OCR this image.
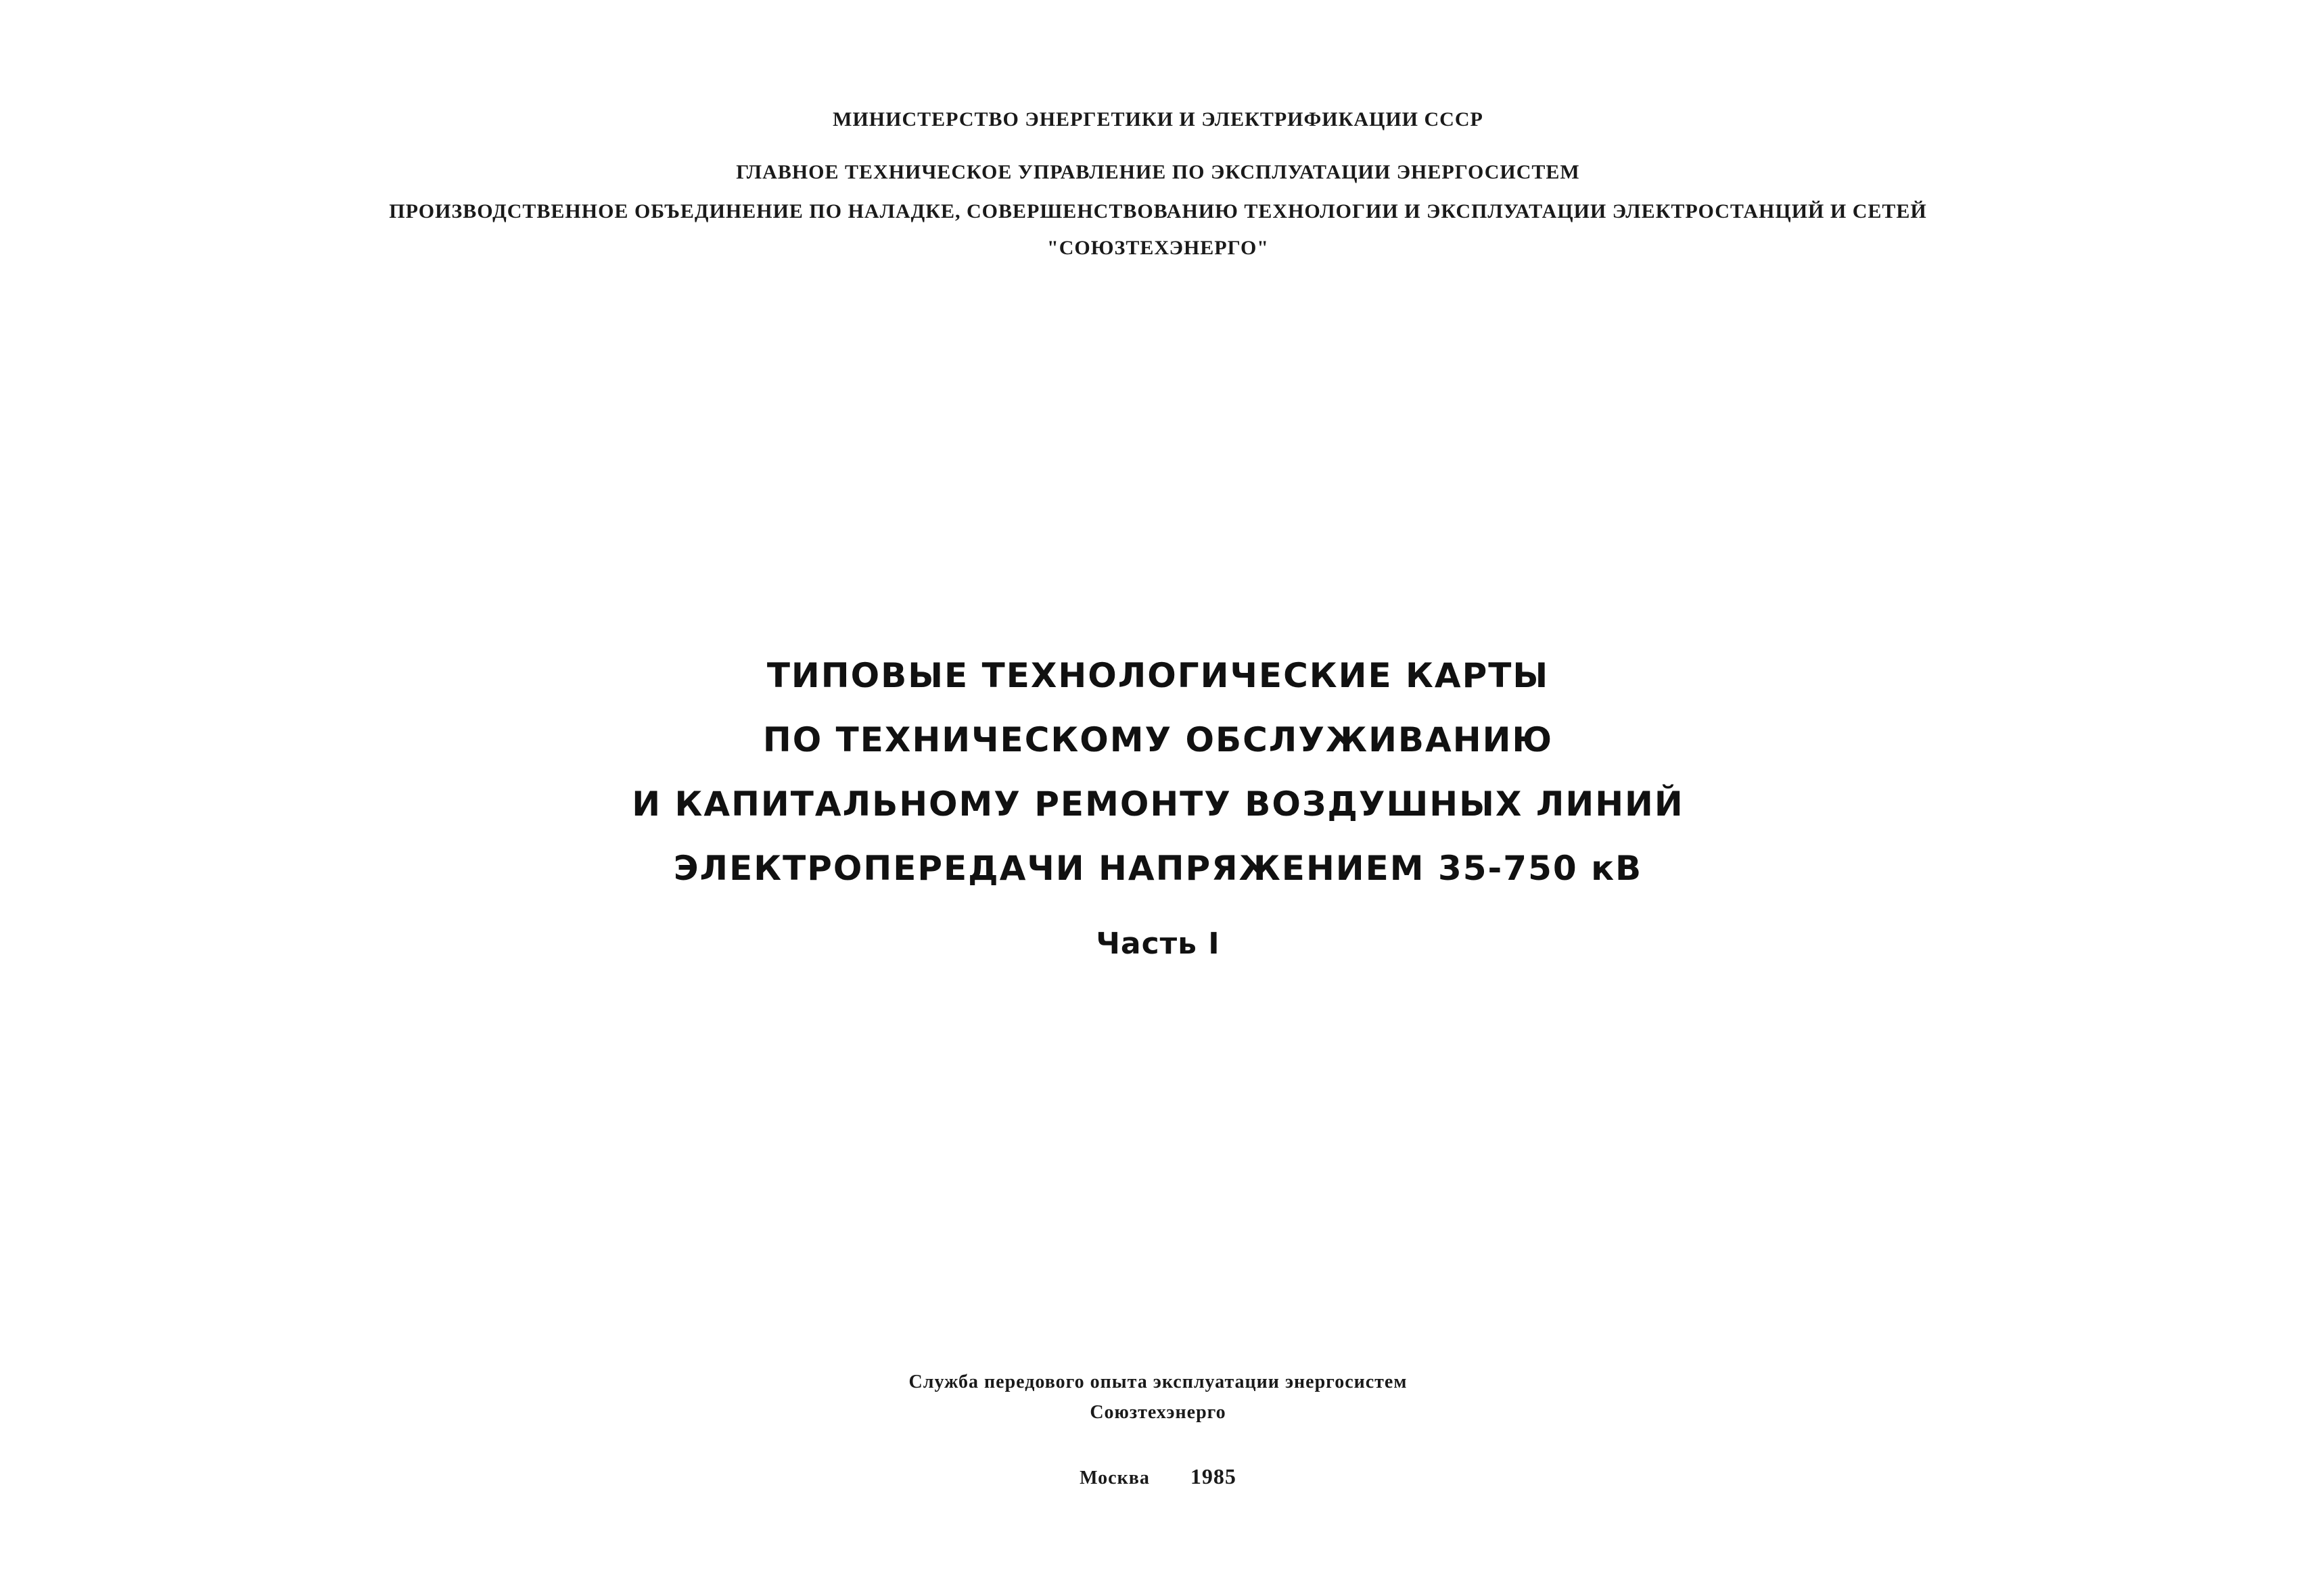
МИНИСТЕРСТВО ЭНЕРГЕТИКИ И ЭЛЕКТРИФИКАЦИИ СССР
ГЛАВНОЕ ТЕХНИЧЕСКОЕ УПРАВЛЕНИЕ ПО ЭКСПЛУАТАЦИИ ЭНЕРГОСИСТЕМ
ПРОИЗВОДСТВЕННОЕ ОБЪЕДИНЕНИЕ ПО НАЛАДКЕ, СОВЕРШЕНСТВОВАНИЮ ТЕХНОЛОГИИ И ЭКСПЛУАТАЦИИ ЭЛЕКТРОСТАНЦИЙ И СЕТЕЙ
"СОЮЗТЕХЭНЕРГО"
ТИПОВЫЕ ТЕХНОЛОГИЧЕСКИЕ КАРТЫ
ПО ТЕХНИЧЕСКОМУ ОБСЛУЖИВАНИЮ
И КАПИТАЛЬНОМУ РЕМОНТУ ВОЗДУШНЫХ ЛИНИЙ
ЭЛЕКТРОПЕРЕДАЧИ НАПРЯЖЕНИЕМ 35-750 кВ
Часть I
Служба передового опыта эксплуатации энергосистем
Союзтехэнерго
Москва 1985
